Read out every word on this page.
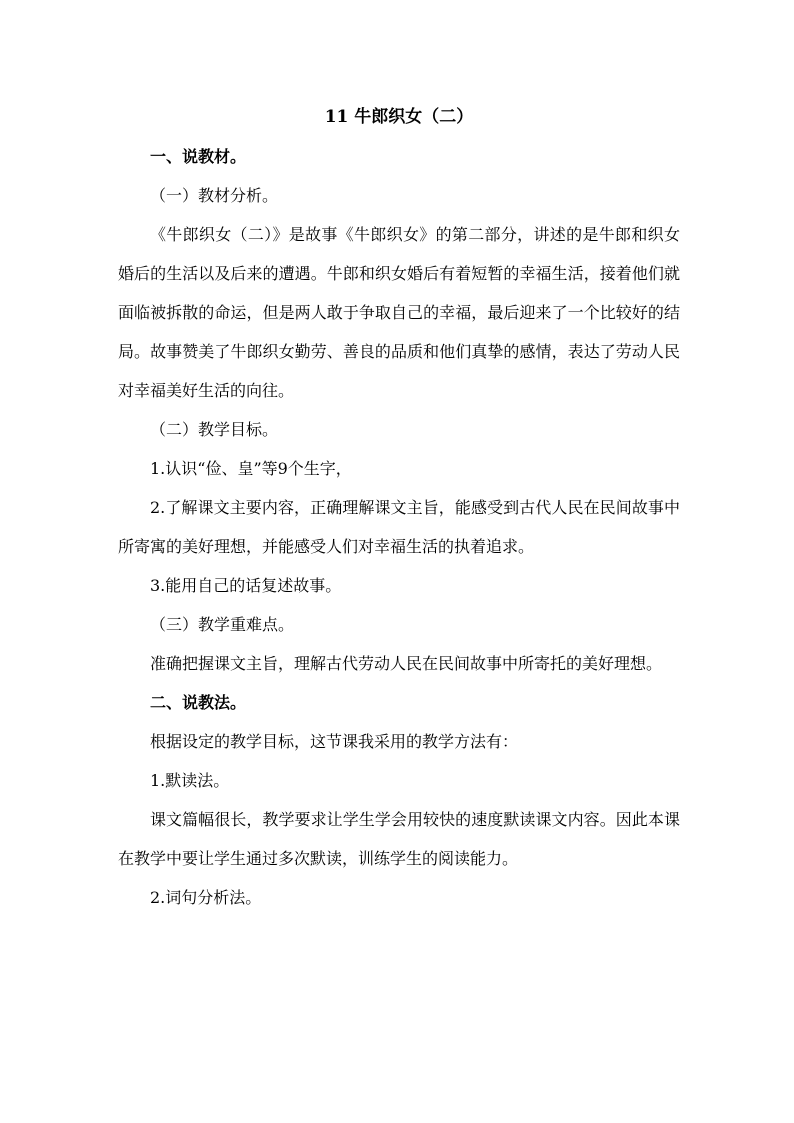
11 牛郎织女（二）
一、说教材。
（一）教材分析。
《牛郎织女（二）》是故事《牛郎织女》的第二部分，讲述的是牛郎和织女婚后的生活以及后来的遭遇。牛郎和织女婚后有着短暂的幸福生活，接着他们就面临被拆散的命运，但是两人敢于争取自己的幸福，最后迎来了一个比较好的结局。故事赞美了牛郎织女勤劳、善良的品质和他们真挚的感情，表达了劳动人民对幸福美好生活的向往。
（二）教学目标。
1.认识“俭、皇”等9个生字，
2.了解课文主要内容，正确理解课文主旨，能感受到古代人民在民间故事中所寄寓的美好理想，并能感受人们对幸福生活的执着追求。
3.能用自己的话复述故事。
（三）教学重难点。
准确把握课文主旨，理解古代劳动人民在民间故事中所寄托的美好理想。
二、说教法。
根据设定的教学目标，这节课我采用的教学方法有：
1.默读法。
课文篇幅很长，教学要求让学生学会用较快的速度默读课文内容。因此本课在教学中要让学生通过多次默读，训练学生的阅读能力。
2.词句分析法。
